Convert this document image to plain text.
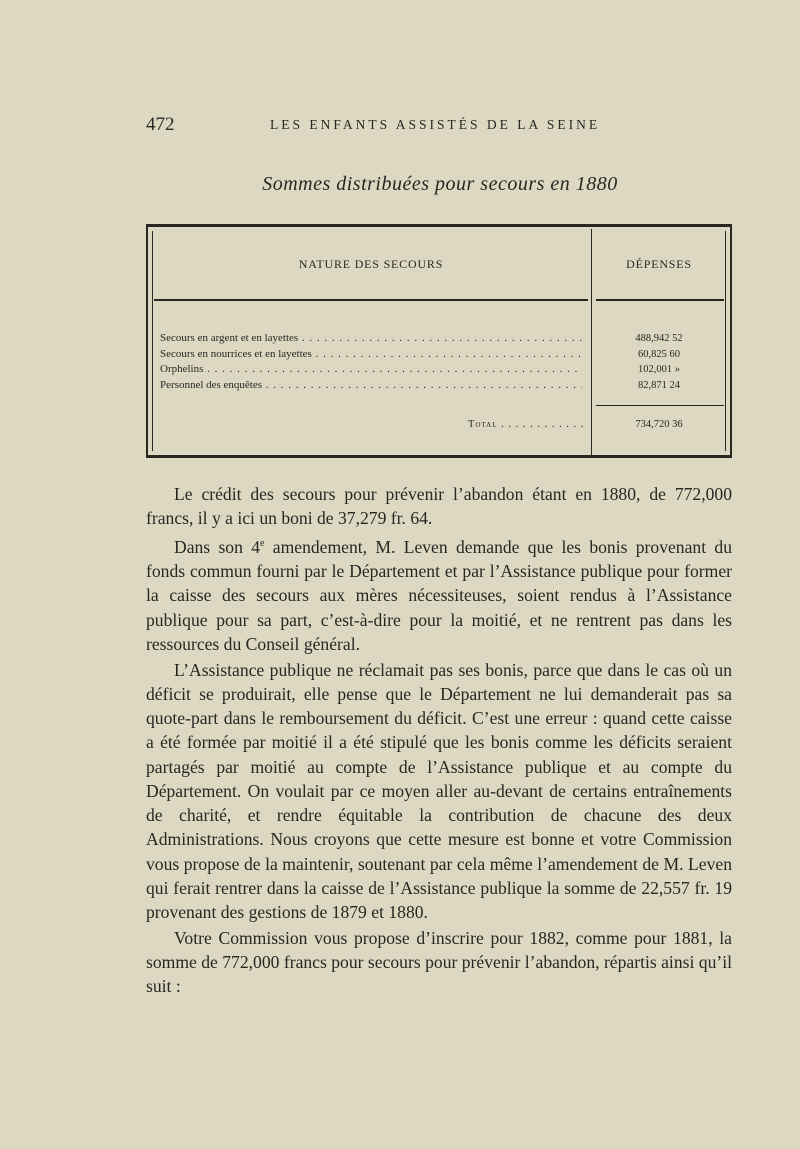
472	LES ENFANTS ASSISTÉS DE LA SEINE
Sommes distribuées pour secours en 1880
NATURE DES SECOURS	DÉPENSES
Secours en argent et en layettes . . .	488,942 52
Secours en nourrices et en layettes . . .	60,825 60
Orphelins . . .	102,001 »
Personnel des enquêtes . . .	82,871 24
Total . . .	734,720 36

Le crédit des secours pour prévenir l’abandon étant en 1880, de 772,000 francs, il y a ici un boni de 37,279 fr. 64.

Dans son 4e amendement, M. Leven demande que les bonis provenant du fonds commun fourni par le Département et par l’Assistance publique pour former la caisse des secours aux mères nécessiteuses, soient rendus à l’Assistance publique pour sa part, c’est-à-dire pour la moitié, et ne rentrent pas dans les ressources du Conseil général.

L’Assistance publique ne réclamait pas ses bonis, parce que dans le cas où un déficit se produirait, elle pense que le Département ne lui demanderait pas sa quote-part dans le remboursement du déficit. C’est une erreur : quand cette caisse a été formée par moitié il a été stipulé que les bonis comme les déficits seraient partagés par moitié au compte de l’Assistance publique et au compte du Département. On voulait par ce moyen aller au-devant de certains entraînements de charité, et rendre équitable la contribution de chacune des deux Administrations. Nous croyons que cette mesure est bonne et votre Commission vous propose de la maintenir, soutenant par cela même l’amendement de M. Leven qui ferait rentrer dans la caisse de l’Assistance publique la somme de 22,557 fr. 19 provenant des gestions de 1879 et 1880.

Votre Commission vous propose d’inscrire pour 1882, comme pour 1881, la somme de 772,000 francs pour secours pour prévenir l’abandon, répartis ainsi qu’il suit :
